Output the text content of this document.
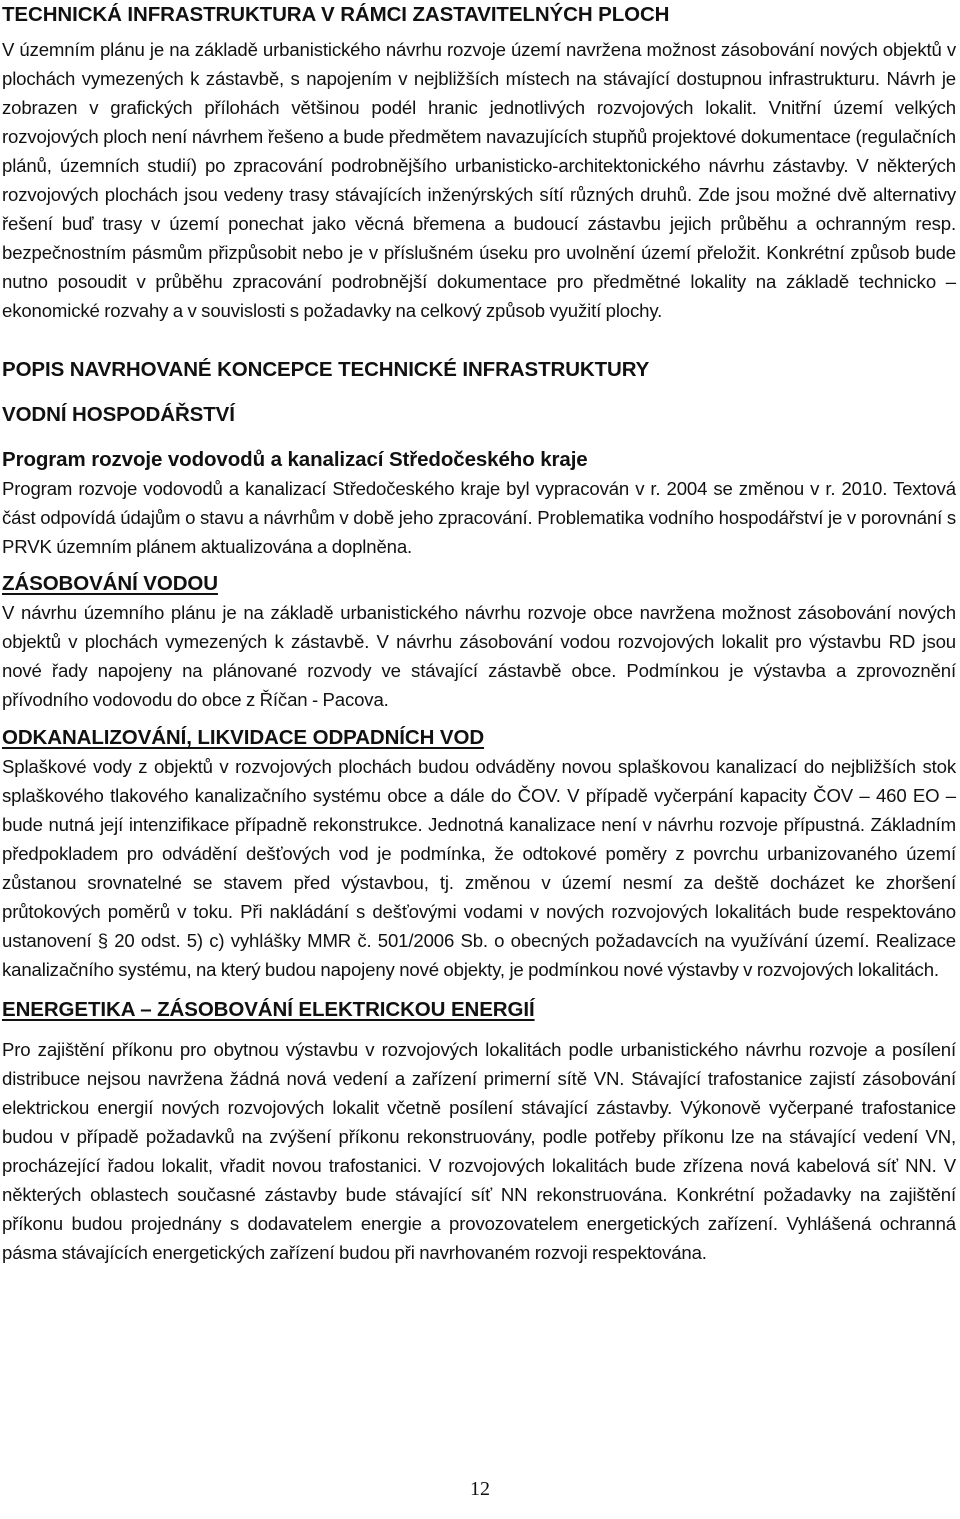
TECHNICKÁ INFRASTRUKTURA V RÁMCI ZASTAVITELNÝCH PLOCH

V územním plánu je na základě urbanistického návrhu rozvoje území navržena možnost zásobování nových objektů v plochách vymezených k zástavbě, s napojením v nejbližších místech na stávající dostupnou infrastrukturu. Návrh je zobrazen v grafických přílohách většinou podél hranic jednotlivých rozvojových lokalit. Vnitřní území velkých rozvojových ploch není návrhem řešeno a bude předmětem navazujících stupňů projektové dokumentace (regulačních plánů, územních studií) po zpracování podrobnějšího urbanisticko-architektonického návrhu zástavby. V některých rozvojových plochách jsou vedeny trasy stávajících inženýrských sítí různých druhů. Zde jsou možné dvě alternativy řešení buď trasy v území ponechat jako věcná břemena a budoucí zástavbu jejich průběhu a ochranným resp. bezpečnostním pásmům přizpůsobit nebo je v příslušném úseku pro uvolnění území přeložit. Konkrétní způsob bude nutno posoudit v průběhu zpracování podrobnější dokumentace pro předmětné lokality na základě technicko – ekonomické rozvahy a v souvislosti s požadavky na celkový způsob využití plochy.

POPIS NAVRHOVANÉ KONCEPCE TECHNICKÉ INFRASTRUKTURY
VODNÍ HOSPODÁŘSTVÍ
Program rozvoje vodovodů a kanalizací Středočeského kraje

Program rozvoje vodovodů a kanalizací Středočeského kraje byl vypracován v r. 2004 se změnou v r. 2010. Textová část odpovídá údajům o stavu a návrhům v době jeho zpracování. Problematika vodního hospodářství je v porovnání s PRVK územním plánem aktualizována a doplněna.

ZÁSOBOVÁNÍ VODOU

V návrhu územního plánu je na základě urbanistického návrhu rozvoje obce navržena možnost zásobování nových objektů v plochách vymezených k zástavbě. V návrhu zásobování vodou rozvojových lokalit pro výstavbu RD jsou nové řady napojeny na plánované rozvody ve stávající zástavbě obce. Podmínkou je výstavba a zprovoznění přívodního vodovodu do obce z Říčan - Pacova.

ODKANALIZOVÁNÍ, LIKVIDACE ODPADNÍCH VOD

Splaškové vody z objektů v rozvojových plochách budou odváděny novou splaškovou kanalizací do nejbližších stok splaškového tlakového kanalizačního systému obce a dále do ČOV. V případě vyčerpání kapacity ČOV – 460 EO – bude nutná její intenzifikace případně rekonstrukce. Jednotná kanalizace není v návrhu rozvoje přípustná. Základním předpokladem pro odvádění dešťových vod je podmínka, že odtokové poměry z povrchu urbanizovaného území zůstanou srovnatelné se stavem před výstavbou, tj. změnou v území nesmí za deště docházet ke zhoršení průtokových poměrů v toku. Při nakládání s dešťovými vodami v nových rozvojových lokalitách bude respektováno ustanovení § 20 odst. 5) c) vyhlášky MMR č. 501/2006 Sb. o obecných požadavcích na využívání území. Realizace kanalizačního systému, na který budou napojeny nové objekty, je podmínkou nové výstavby v rozvojových lokalitách.

ENERGETIKA – ZÁSOBOVÁNÍ ELEKTRICKOU ENERGIÍ

Pro zajištění příkonu pro obytnou výstavbu v rozvojových lokalitách podle urbanistického návrhu rozvoje a posílení distribuce nejsou navržena žádná nová vedení a zařízení primerní sítě VN. Stávající trafostanice zajistí zásobování elektrickou energií nových rozvojových lokalit včetně posílení stávající zástavby. Výkonově vyčerpané trafostanice budou v případě požadavků na zvýšení příkonu rekonstruovány, podle potřeby příkonu lze na stávající vedení VN, procházející řadou lokalit, vřadit novou trafostanici. V rozvojových lokalitách bude zřízena nová kabelová síť NN. V některých oblastech současné zástavby bude stávající síť NN rekonstruována. Konkrétní požadavky na zajištění příkonu budou projednány s dodavatelem energie a provozovatelem energetických zařízení. Vyhlášená ochranná pásma stávajících energetických zařízení budou při navrhovaném rozvoji respektována.

12
